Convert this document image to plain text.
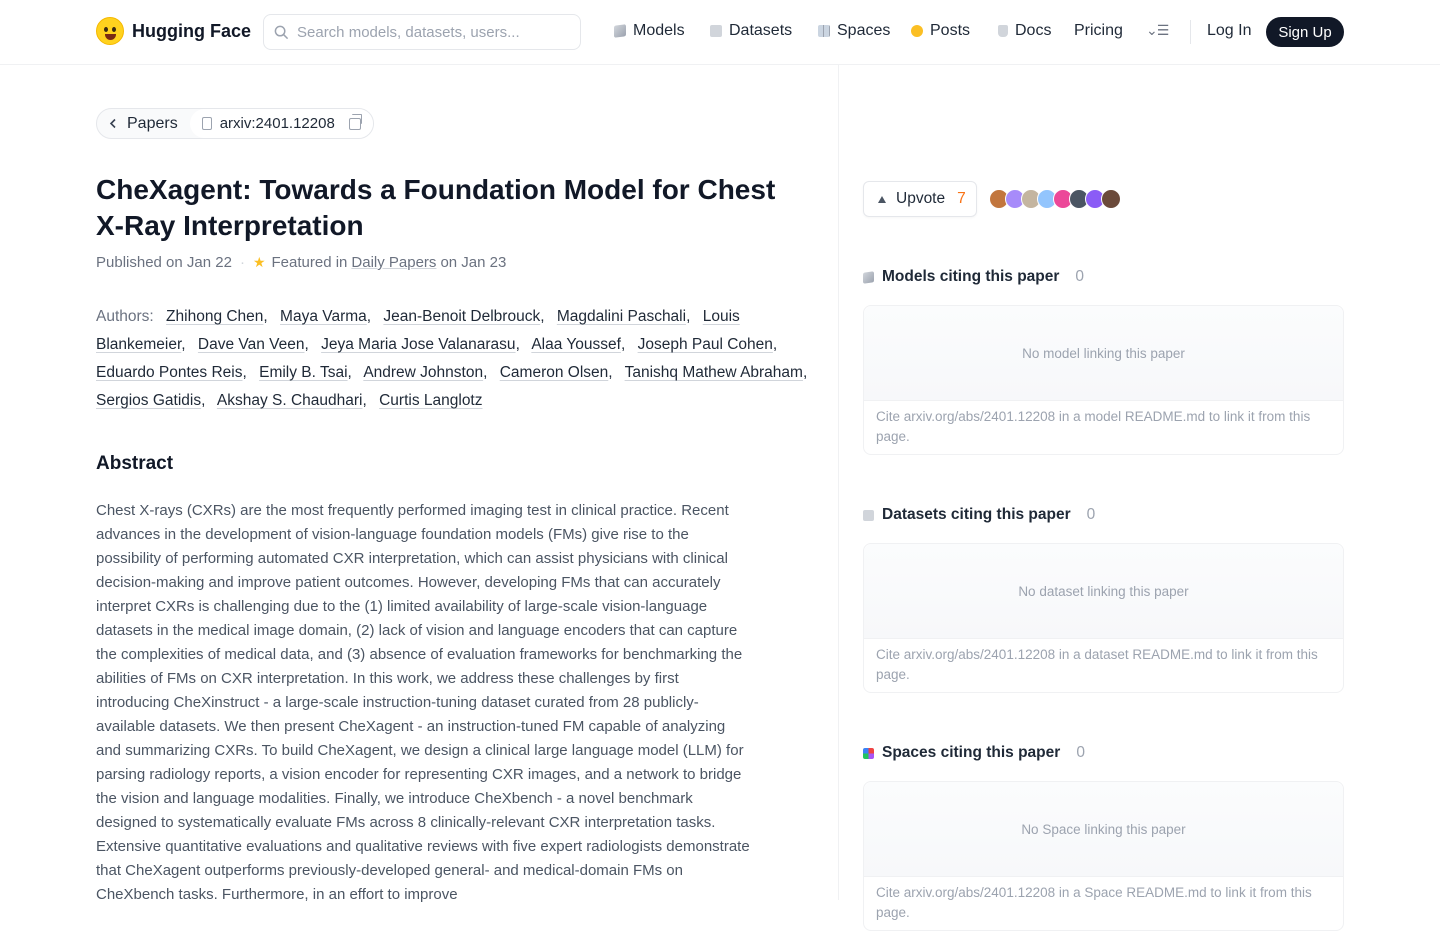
Hugging Face
Search models, datasets, users...	Models	Datasets	Spaces Posts	Docs Pricing ⌄☰ Log In	Sign Up
Papers	arxiv:2401.12208
CheXagent: Towards a Foundation Model for Chest X-Ray Interpretation
Published on Jan 22 · ★ Featured in Daily Papers on Jan 23
Authors: Zhihong Chen, Maya Varma, Jean-Benoit Delbrouck, Magdalini Paschali, Louis Blankemeier, Dave Van Veen, Jeya Maria Jose Valanarasu, Alaa Youssef, Joseph Paul Cohen, Eduardo Pontes Reis, Emily B. Tsai, Andrew Johnston, Cameron Olsen, Tanishq Mathew Abraham, Sergios Gatidis, Akshay S. Chaudhari, Curtis Langlotz
Abstract

Chest X-rays (CXRs) are the most frequently performed imaging test in clinical practice. Recent advances in the development of vision-language foundation models (FMs) give rise to the possibility of performing automated CXR interpretation, which can assist physicians with clinical decision-making and improve patient outcomes. However, developing FMs that can accurately interpret CXRs is challenging due to the (1) limited availability of large-scale vision-language datasets in the medical image domain, (2) lack of vision and language encoders that can capture the complexities of medical data, and (3) absence of evaluation frameworks for benchmarking the abilities of FMs on CXR interpretation. In this work, we address these challenges by first introducing CheXinstruct - a large-scale instruction-tuning dataset curated from 28 publicly-available datasets. We then present CheXagent - an instruction-tuned FM capable of analyzing and summarizing CXRs. To build CheXagent, we design a clinical large language model (LLM) for parsing radiology reports, a vision encoder for representing CXR images, and a network to bridge the vision and language modalities. Finally, we introduce CheXbench - a novel benchmark designed to systematically evaluate FMs across 8 clinically-relevant CXR interpretation tasks. Extensive quantitative evaluations and qualitative reviews with five expert radiologists demonstrate that CheXagent outperforms previously-developed general- and medical-domain FMs on CheXbench tasks. Furthermore, in an effort to improve

Upvote 7
Models citing this paper 0
No model linking this paper
Cite arxiv.org/abs/2401.12208 in a model README.md to link it from this page.
Datasets citing this paper 0
No dataset linking this paper
Cite arxiv.org/abs/2401.12208 in a dataset README.md to link it from this page.
Spaces citing this paper 0
No Space linking this paper
Cite arxiv.org/abs/2401.12208 in a Space README.md to link it from this page.
